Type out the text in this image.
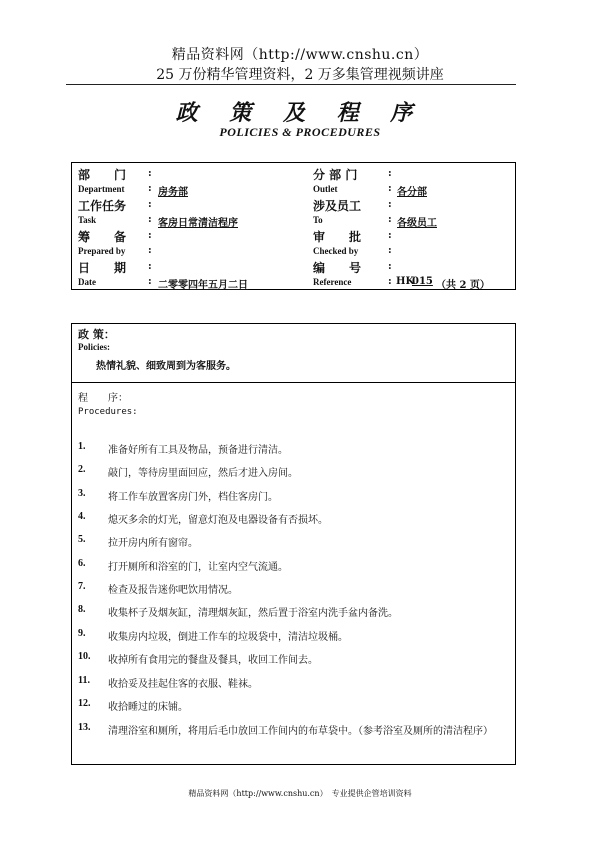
精品资料网（http://www.cnshu.cn）
25 万份精华管理资料，2 万多集管理视频讲座
政 策 及 程 序
POLICIES & PROCEDURES
部　　门 :	分 部 门	:
Department : 房务部	Outlet	: 各分部
工作任务 :	涉及员工	:
Task	: 客房日常清洁程序	To	: 各级员工
筹　　备 :	审　　批	:
Prepared by :	Checked by	:
日　　期 :	编　　号	:
Date	: 二零零四年五月二日	Reference	: HK
015 （共 2 页）
政 策：
Policies:
热情礼貌、细致周到为客服务。
程　　序：
Procedures:
1. 准备好所有工具及物品，预备进行清洁。
2. 敲门，等待房里面回应，然后才进入房间。
3. 将工作车放置客房门外，档住客房门。
4. 熄灭多余的灯光，留意灯泡及电器设备有否损坏。
5. 拉开房内所有窗帘。
6. 打开厕所和浴室的门，让室内空气流通。
7. 检查及报告迷你吧饮用情况。
8. 收集杯子及烟灰缸，清理烟灰缸，然后置于浴室内洗手盆内备洗。
9. 收集房内垃圾，倒进工作车的垃圾袋中，清洁垃圾桶。
10. 收掉所有食用完的餐盘及餐具，收回工作间去。
11. 收拾妥及挂起住客的衣服、鞋袜。
12. 收拾睡过的床铺。
13. 清理浴室和厕所，将用后毛巾放回工作间内的布草袋中。（参考浴室及厕所的清洁程序）
精品资料网（http://www.cnshu.cn）　专业提供企管培训资料
